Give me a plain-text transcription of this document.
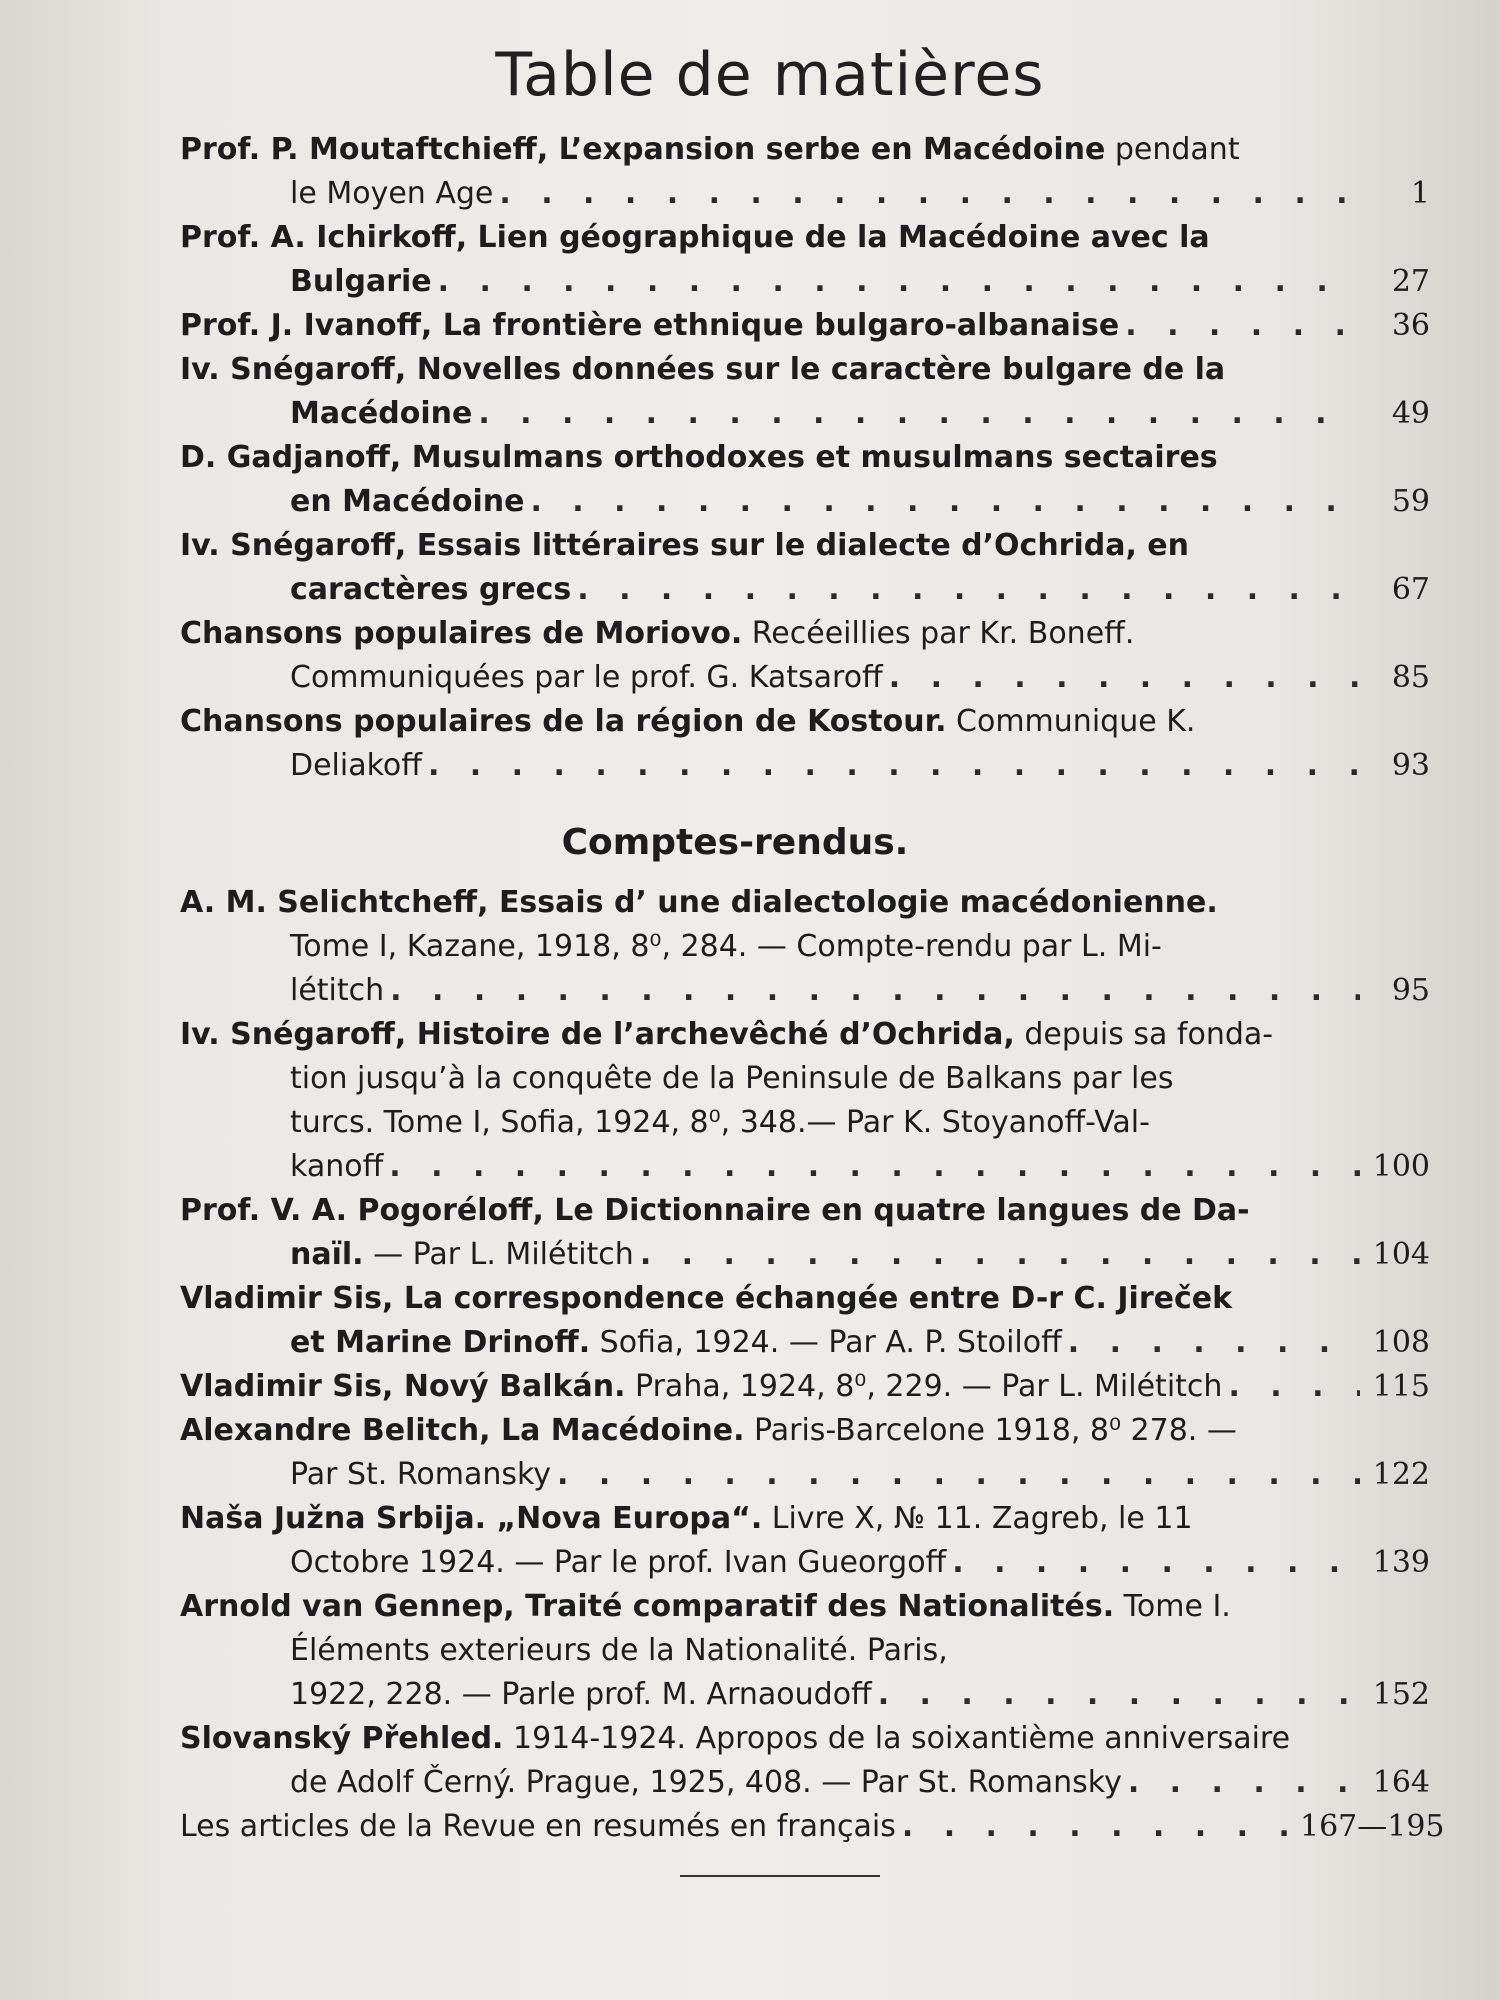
Table de matières
Prof. P. Moutaftchieff, L’expansion serbe en Macédoine pendant
le Moyen Age . . .	1
Prof. A. Ichirkoff, Lien géographique de la Macédoine avec la
Bulgarie . . .	27
Prof. J. Ivanoff, La frontière ethnique bulgaro-albanaise . . .	36
Iv. Snégaroff, Novelles données sur le caractère bulgare de la
Macédoine . . .	49
D. Gadjanoff, Musulmans orthodoxes et musulmans sectaires
en Macédoine . . .	59
Iv. Snégaroff, Essais littéraires sur le dialecte d’Ochrida, en
caractères grecs . . .	67
Chansons populaires de Moriovo. Recéeillies par Kr. Boneff.
Communiquées par le prof. G. Katsaroff . . .	85
Chansons populaires de la région de Kostour. Communique K.
Deliakoff . . .	93
Comptes-rendus.
A. M. Selichtcheff, Essais d’ une dialectologie macédonienne.
Tome I, Kazane, 1918, 8⁰, 284. — Compte-rendu par L. Mi-
létitch . . .	95
Iv. Snégaroff, Histoire de l’archevêché d’Ochrida, depuis sa fonda-
tion jusqu’à la conquête de la Peninsule de Balkans par les
turcs. Tome I, Sofia, 1924, 8⁰, 348.— Par K. Stoyanoff-Val-
kanoff . . .	100
Prof. V. A. Pogoréloff, Le Dictionnaire en quatre langues de Da-
naïl. — Par L. Milétitch . . .	104
Vladimir Sis, La correspondence échangée entre D-r C. Jireček
et Marine Drinoff. Sofia, 1924. — Par A. P. Stoiloff . . .	108
Vladimir Sis, Nový Balkán. Praha, 1924, 8⁰, 229. — Par L. Milétitch . . .	115
Alexandre Belitch, La Macédoine. Paris-Barcelone 1918, 8⁰ 278. —
Par St. Romansky . . .	122
Naša Južna Srbija. „Nova Europa“. Livre X, № 11. Zagreb, le 11
Octobre 1924. — Par le prof. Ivan Gueorgoff . . .	139
Arnold van Gennep, Traité comparatif des Nationalités. Tome I.
Éléments exterieurs de la Nationalité. Paris,
1922, 228. — Parle prof. M. Arnaoudoff . . .	152
Slovanský Přehled. 1914-1924. Apropos de la soixantième anniversaire
de Adolf Černý. Prague, 1925, 408. — Par St. Romansky . . .	164
Les articles de la Revue en resumés en français . . .	167—195
